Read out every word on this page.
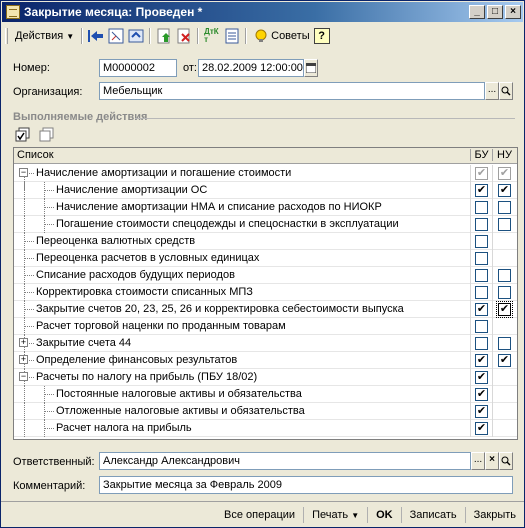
Закрытие месяца: Проведен *	_	□	×
Действия ▼	ДтКт	Советы ?
Номер:	М0000002	от: 28.02.2009 12:00:00
Организация:	Мебельщик	...
Выполняемые действия
Список	БУ НУ
− Начисление амортизации и погашение стоимости	✔ ✔
Начисление амортизации ОС	✔ ✔
Начисление амортизации НМА и списание расходов по НИОКР
Погашение стоимости спецодежды и спецоснастки в эксплуатации
Переоценка валютных средств
Переоценка расчетов в условных единицах
Списание расходов будущих периодов
Корректировка стоимости списанных МПЗ
Закрытие счетов 20, 23, 25, 26 и корректировка себестоимости выпуска	✔ ✔
Расчет торговой наценки по проданным товарам
+ Закрытие счета 44
+ Определение финансовых результатов	✔ ✔
− Расчеты по налогу на прибыль (ПБУ 18/02)	✔
Постоянные налоговые активы и обязательства	✔
Отложенные налоговые активы и обязательства	✔
Расчет налога на прибыль	✔
Ответственный: Александр Александрович	... ×
Комментарий:	Закрытие месяца за Февраль 2009
Все операции	Печать ▼	OK	Записать	Закрыть
